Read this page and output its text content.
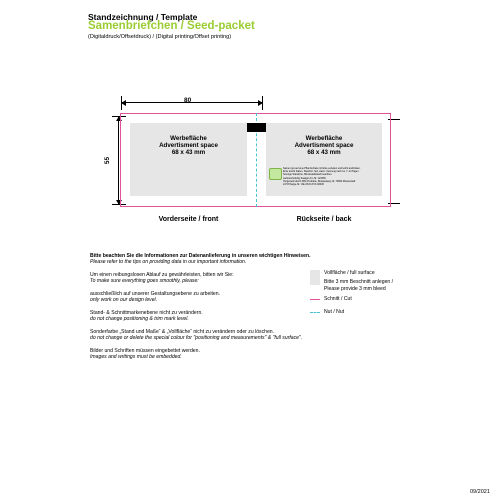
Standzeichnung / Template
Samenbriefchen / Seed-packet
(Digitaldruck/Offsetdruck) / (Digital printing/Offset printing)
80
55
Werbefläche
Advertisment space
68 x 43 mm
Werbefläche
Advertisment space
68 x 43 mm
Samen gut auf eine Pflanzschale mit Erde verteilen und leicht andrücken.
Erde feucht halten. Standort: hell, warm. Keimung nach ca. 7–14 Tagen.
Sonnige Standorte, Mindestabstand beachten.
Gebrauchsfertig Saatgut Art.-Nr. 123456
Hergestellt durch ABC Produkte, Beispielweg 10, 70000 Musterstadt
LOT/Charge-Nr.: DE-ÖKO-XXX-00000
Vorderseite / front	Rückseite / back
Bitte beachten Sie die Informationen zur Datenanlieferung in unseren wichtigen Hinweisen.
Please refer to the tips on providing data in our important information.
Um einen reibungslosen Ablauf zu gewährleisten, bitten wir Sie:
To make sure everything goes smoothly, please:
ausschließlich auf unserer Gestaltungsebene zu arbeiten.
only work on our design level.
Stand- & Schnittmarkenebene nicht zu verändern.
do not change positioning & trim mark level.
Sonderfarbe „Stand und Maße“ & „Vollfläche“ nicht zu verändern oder zu löschen.
do not change or delete the special colour for "positioning and measurements" & "full surface".
Bilder und Schriften müssen eingebettet werden.
Images and writings must be embedded.
Vollfläche / full surface
Bitte 3 mm Beschnitt anlegen /
Please provide 3 mm bleed
Schnitt / Cut
Nut / Nut
09/2021
